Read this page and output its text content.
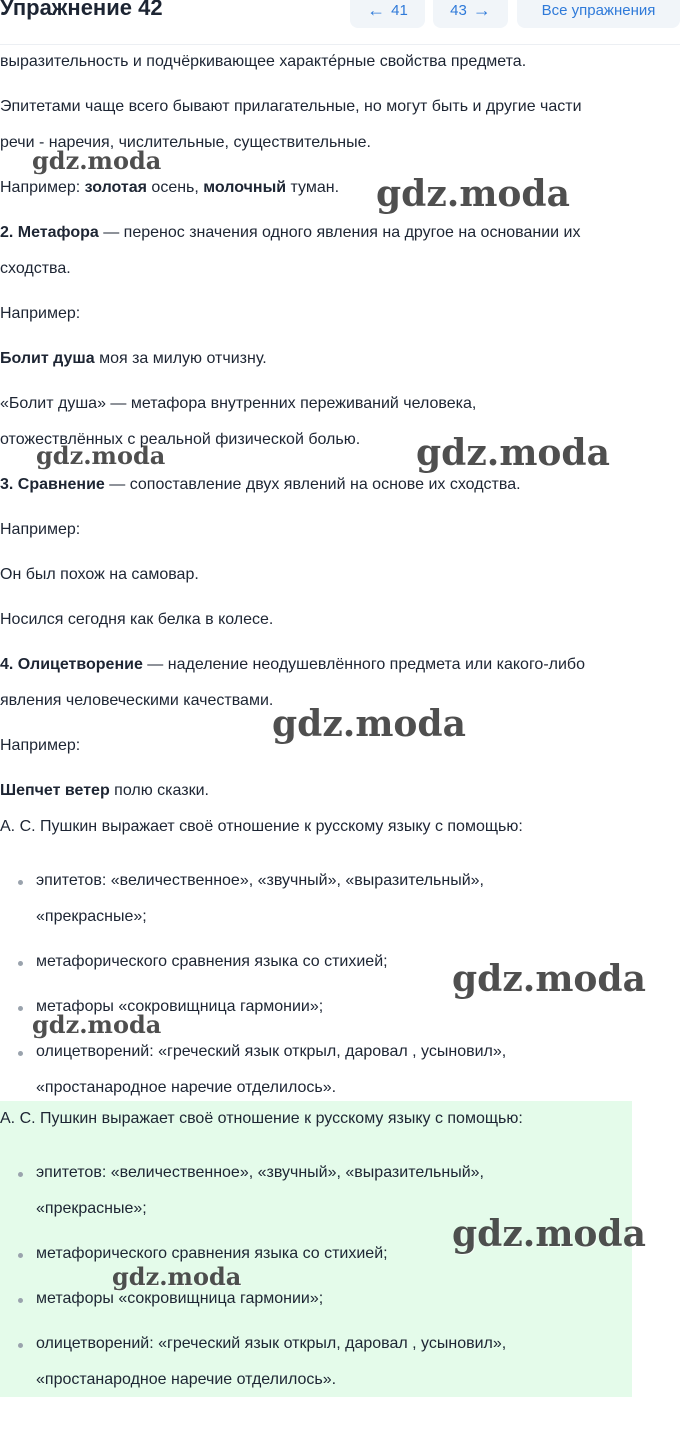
Упражнение 42	← 41	43 →	Все упражнения

выразительность и подчёркивающее характе́рные свойства предмета.

Эпитетами чаще всего бывают прилагательные, но могут быть и другие части

речи - наречия, числительные, существительные.

Например: золотая осень, молочный туман.

2. Метафора — перенос значения одного явления на другое на основании их

сходства.

Например:

Болит душа моя за милую отчизну.

«Болит душа» — метафора внутренних переживаний человека,

отожествлённых с реальной физической болью.

3. Сравнение — сопоставление двух явлений на основе их сходства.

Например:

Он был похож на самовар.

Носился сегодня как белка в колесе.

4. Олицетворение — наделение неодушевлённого предмета или какого-либо

явления человеческими качествами.

Например:

Шепчет ветер полю сказки.

А. С. Пушкин выражает своё отношение к русскому языку с помощью:

эпитетов: «величественное», «звучный», «выразительный»,
«прекрасные»;
метафорического сравнения языка со стихией;
метафоры «сокровищница гармонии»;
олицетворений: «греческий язык открыл, даровал , усыновил»,
«простанародное наречие отделилось».

А. С. Пушкин выражает своё отношение к русскому языку с помощью:

эпитетов: «величественное», «звучный», «выразительный»,
«прекрасные»;
метафорического сравнения языка со стихией;
метафоры «сокровищница гармонии»;
олицетворений: «греческий язык открыл, даровал , усыновил»,
«простанародное наречие отделилось».
gdz.moda
gdz.moda
gdz.moda	gdz.moda
gdz.moda
gdz.moda
gdz.moda
gdz.moda
gdz.moda
